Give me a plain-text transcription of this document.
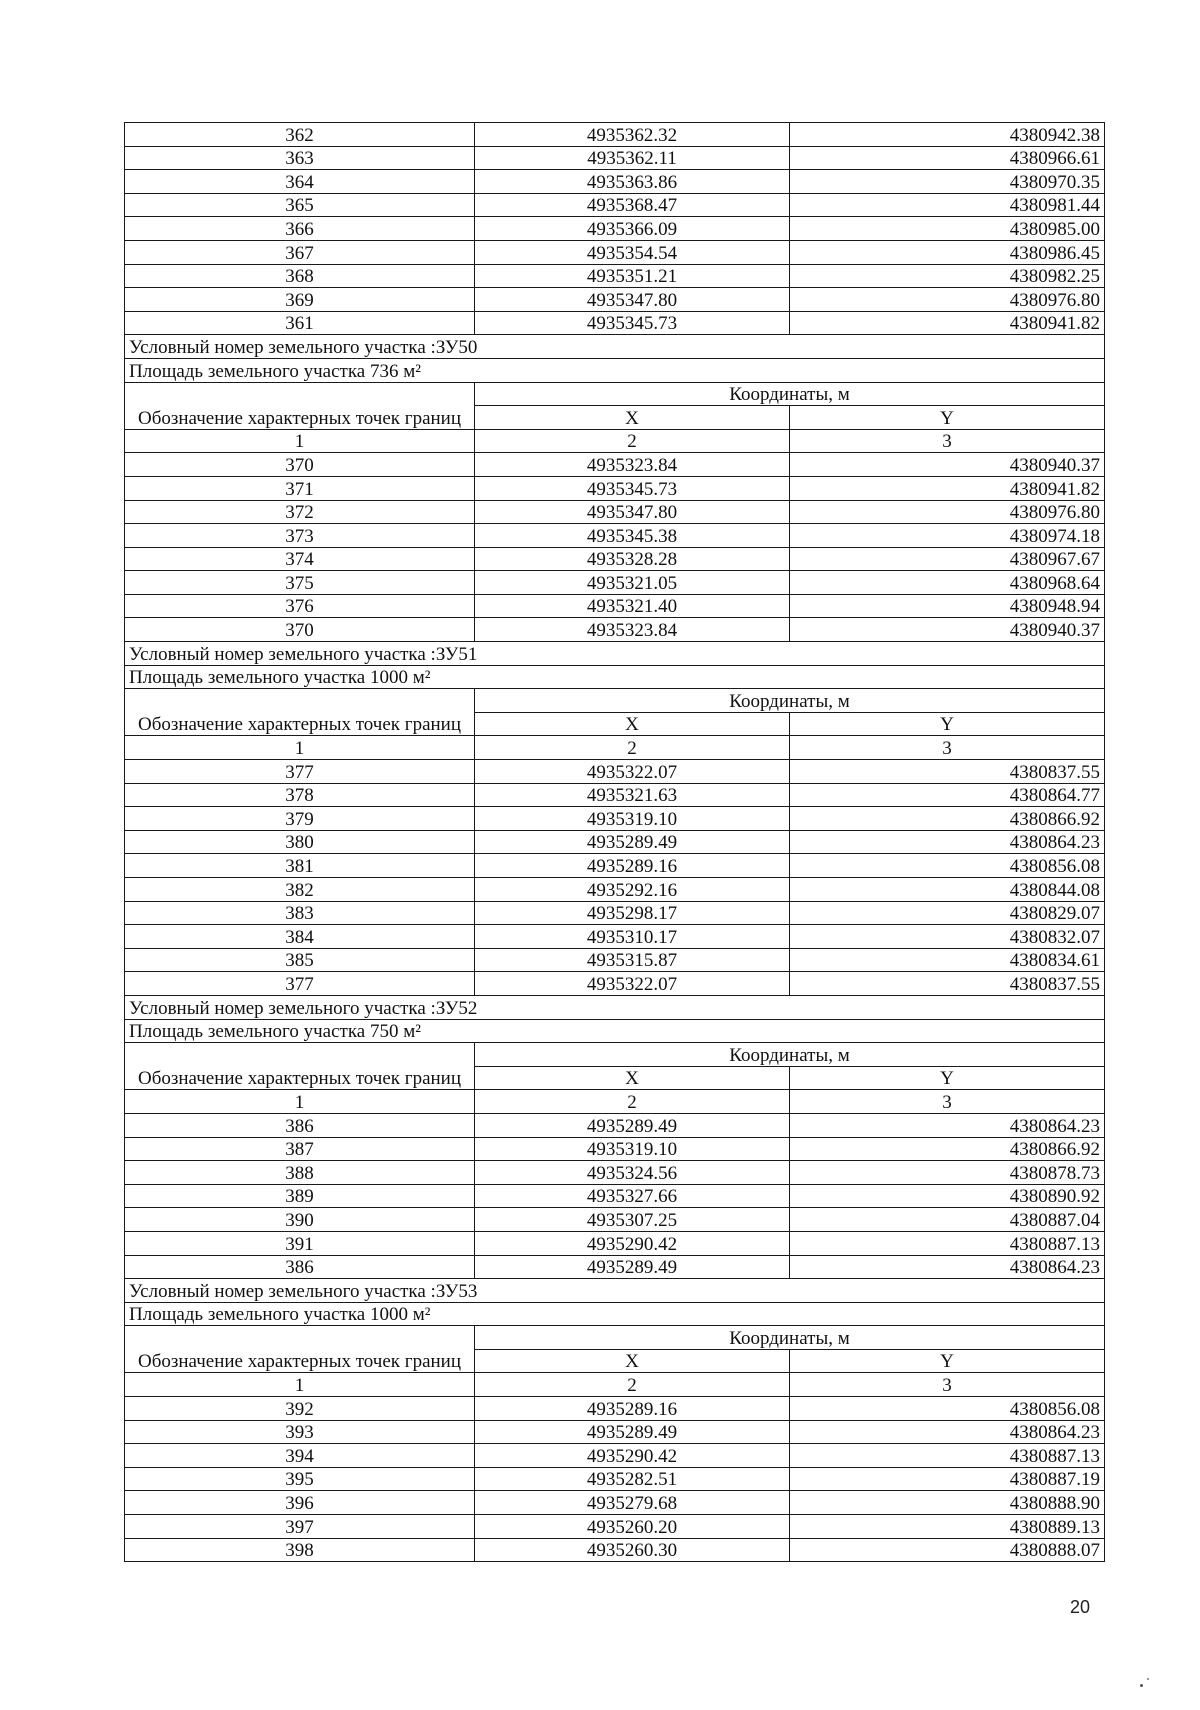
362	4935362.32	4380942.38
363	4935362.11	4380966.61
364	4935363.86	4380970.35
365	4935368.47	4380981.44
366	4935366.09	4380985.00
367	4935354.54	4380986.45
368	4935351.21	4380982.25
369	4935347.80	4380976.80
361	4935345.73	4380941.82
Условный номер земельного участка :ЗУ50		
Площадь земельного участка 736 м²		
Обозначение характерных точек границ	Координаты, м	
	X	Y
1	2	3
370	4935323.84	4380940.37
371	4935345.73	4380941.82
372	4935347.80	4380976.80
373	4935345.38	4380974.18
374	4935328.28	4380967.67
375	4935321.05	4380968.64
376	4935321.40	4380948.94
370	4935323.84	4380940.37
Условный номер земельного участка :ЗУ51		
Площадь земельного участка 1000 м²		
Обозначение характерных точек границ	Координаты, м	
	X	Y
1	2	3
377	4935322.07	4380837.55
378	4935321.63	4380864.77
379	4935319.10	4380866.92
380	4935289.49	4380864.23
381	4935289.16	4380856.08
382	4935292.16	4380844.08
383	4935298.17	4380829.07
384	4935310.17	4380832.07
385	4935315.87	4380834.61
377	4935322.07	4380837.55
Условный номер земельного участка :ЗУ52		
Площадь земельного участка 750 м²		
Обозначение характерных точек границ	Координаты, м	
	X	Y
1	2	3
386	4935289.49	4380864.23
387	4935319.10	4380866.92
388	4935324.56	4380878.73
389	4935327.66	4380890.92
390	4935307.25	4380887.04
391	4935290.42	4380887.13
386	4935289.49	4380864.23
Условный номер земельного участка :ЗУ53		
Площадь земельного участка 1000 м²		
Обозначение характерных точек границ	Координаты, м	
	X	Y
1	2	3
392	4935289.16	4380856.08
393	4935289.49	4380864.23
394	4935290.42	4380887.13
395	4935282.51	4380887.19
396	4935279.68	4380888.90
397	4935260.20	4380889.13
398	4935260.30	4380888.07
20
